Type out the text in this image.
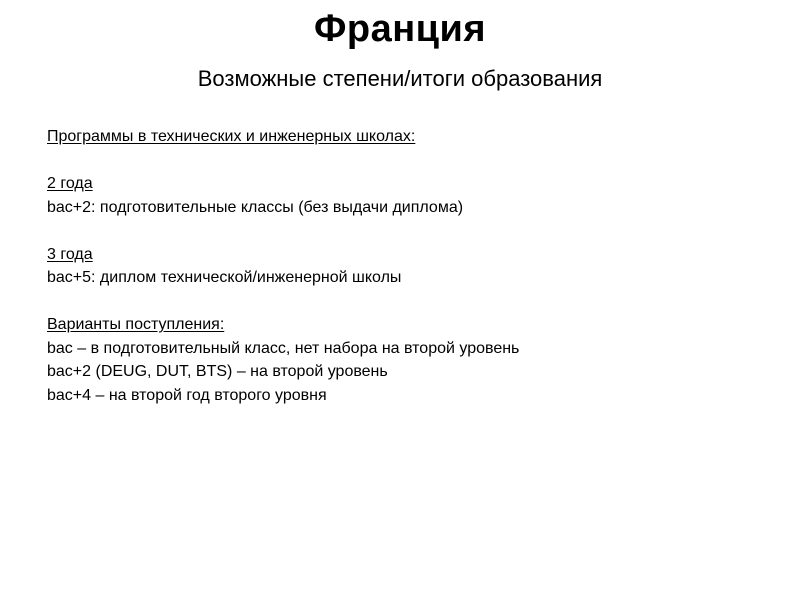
Франция
Возможные степени/итоги образования
Программы в технических и инженерных школах:
2 года
bac+2: подготовительные классы (без выдачи диплома)
3 года
bac+5: диплом технической/инженерной школы
Варианты поступления:
bac – в подготовительный класс, нет набора на второй уровень
bac+2 (DEUG, DUT, BTS) – на второй уровень
bac+4 – на второй год второго уровня
